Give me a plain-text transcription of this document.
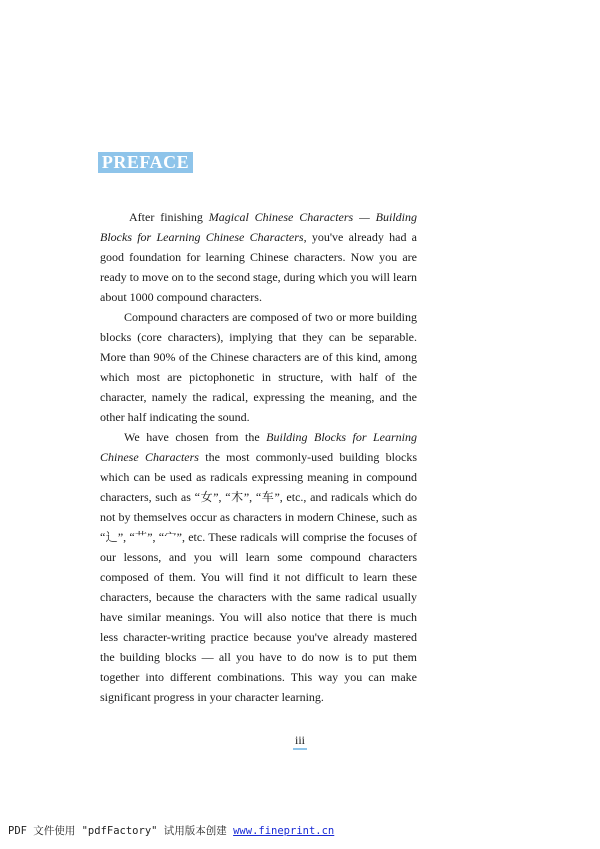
PREFACE

After finishing Magical Chinese Characters — Building Blocks for Learning Chinese Characters, you've already had a good foundation for learning Chinese characters. Now you are ready to move on to the second stage, during which you will learn about 1000 compound characters.

Compound characters are composed of two or more building blocks (core characters), implying that they can be separable. More than 90% of the Chinese characters are of this kind, among which most are pictophonetic in structure, with half of the character, namely the radical, expressing the meaning, and the other half indicating the sound.

We have chosen from the Building Blocks for Learning Chinese Characters the most commonly-used building blocks which can be used as radicals expressing meaning in compound characters, such as “女”, “木”, “车”, etc., and radicals which do not by themselves occur as characters in modern Chinese, such as “辶”, “艹”, “宀”, etc. These radicals will comprise the focuses of our lessons, and you will learn some compound characters composed of them. You will find it not difficult to learn these characters, because the characters with the same radical usually have similar meanings. You will also notice that there is much less character-writing practice because you've already mastered the building blocks — all you have to do now is to put them together into different combinations. This way you can make significant progress in your character learning.

iii
PDF 文件使用 "pdfFactory" 试用版本创建 www.fineprint.cn
